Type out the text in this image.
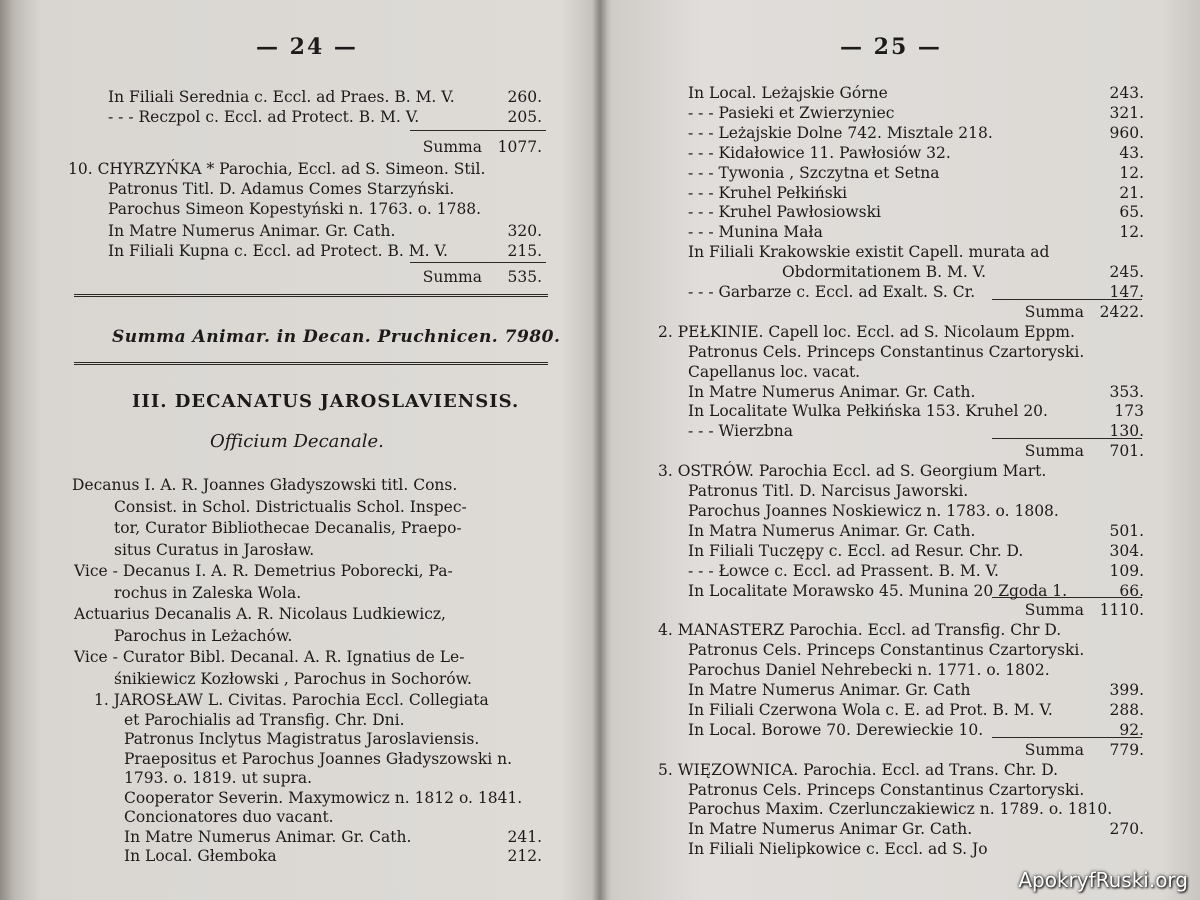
— 24 —
In Filiali Serednia c. Eccl. ad Praes. B. M. V.	260.
- - - Reczpol c. Eccl. ad Protect. B. M. V.	205.
Summa 1077.
10. CHYRZYŃKA * Parochia, Eccl. ad S. Simeon. Stil.
Patronus Titl. D. Adamus Comes Starzyński.
Parochus Simeon Kopestyński n. 1763. o. 1788.
In Matre Numerus Animar. Gr. Cath.	320.
In Filiali Kupna c. Eccl. ad Protect. B. M. V.	215.
Summa 535.
Summa Animar. in Decan. Pruchnicen. 7980.
III. DECANATUS JAROSLAVIENSIS.
Officium Decanale.
Decanus I. A. R. Joannes Gładyszowski titl. Cons.
Consist. in Schol. Districtualis Schol. Inspec-
tor, Curator Bibliothecae Decanalis, Praepo-
situs Curatus in Jarosław.
Vice - Decanus I. A. R. Demetrius Poborecki, Pa-
rochus in Zaleska Wola.
Actuarius Decanalis A. R. Nicolaus Ludkiewicz,
Parochus in Leżachów.
Vice - Curator Bibl. Decanal. A. R. Ignatius de Le-
śnikiewicz Kozłowski , Parochus in Sochorów.
1. JAROSŁAW L. Civitas. Parochia Eccl. Collegiata
et Parochialis ad Transfig. Chr. Dni.
Patronus Inclytus Magistratus Jaroslaviensis.
Praepositus et Parochus Joannes Gładyszowski n.
1793. o. 1819. ut supra.
Cooperator Severin. Maxymowicz n. 1812 o. 1841.
Concionatores duo vacant.
In Matre Numerus Animar. Gr. Cath.	241.
In Local. Głemboka	212.
— 25 —
In Local. Leżajskie Górne	243.
- - - Pasieki et Zwierzyniec	321.
- - - Leżajskie Dolne 742. Misztale 218.	960.
- - - Kidałowice 11. Pawłosiów 32.	43.
- - - Tywonia , Szczytna et Setna	12.
- - - Kruhel Pełkiński	21.
- - - Kruhel Pawłosiowski	65.
- - - Munina Mała	12.
In Filiali Krakowskie existit Capell. murata ad
Obdormitationem B. M. V.	245.
- - - Garbarze c. Eccl. ad Exalt. S. Cr.	147.
Summa 2422.
2. PEŁKINIE. Capell loc. Eccl. ad S. Nicolaum Eppm.
Patronus Cels. Princeps Constantinus Czartoryski.
Capellanus loc. vacat.
In Matre Numerus Animar. Gr. Cath.	353.
In Localitate Wulka Pełkińska 153. Kruhel 20.	173
- - - Wierzbna	130.
Summa 701.
3. OSTRÓW. Parochia Eccl. ad S. Georgium Mart.
Patronus Titl. D. Narcisus Jaworski.
Parochus Joannes Noskiewicz n. 1783. o. 1808.
In Matra Numerus Animar. Gr. Cath.	501.
In Filiali Tuczępy c. Eccl. ad Resur. Chr. D.	304.
- - - Łowce c. Eccl. ad Prassent. B. M. V.	109.
In Localitate Morawsko 45. Munina 20 Zgoda 1.	66.
Summa 1110.
4. MANASTERZ Parochia. Eccl. ad Transfig. Chr D.
Patronus Cels. Princeps Constantinus Czartoryski.
Parochus Daniel Nehrebecki n. 1771. o. 1802.
In Matre Numerus Animar. Gr. Cath	399.
In Filiali Czerwona Wola c. E. ad Prot. B. M. V.	288.
In Local. Borowe 70. Derewieckie 10.	92.
Summa 779.
5. WIĘZOWNICA. Parochia. Eccl. ad Trans. Chr. D.
Patronus Cels. Princeps Constantinus Czartoryski.
Parochus Maxim. Czerlunczakiewicz n. 1789. o. 1810.
In Matre Numerus Animar Gr. Cath.	270.
In Filiali Nielipkowice c. Eccl. ad S. Jo
ApokryfRuski.org
